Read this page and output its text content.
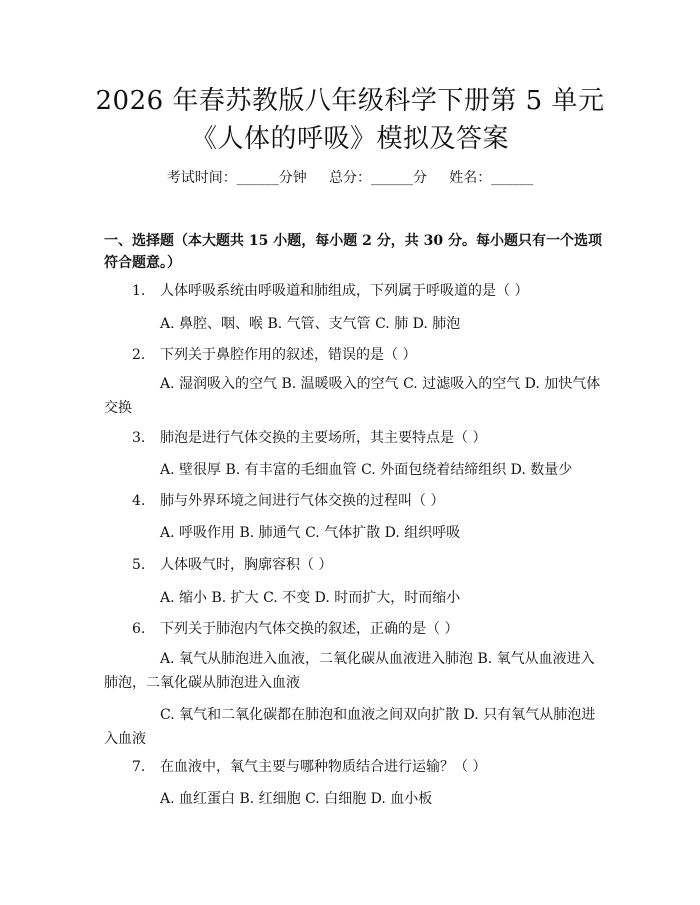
2026 年春苏教版八年级科学下册第 5 单元
《人体的呼吸》模拟及答案
考试时间：______分钟     总分：______分     姓名：______
一、选择题（本大题共 15 小题，每小题 2 分，共 30 分。每小题只有一个选项符合题意。）
1. 人体呼吸系统由呼吸道和肺组成，下列属于呼吸道的是（ ）
A. 鼻腔、咽、喉 B. 气管、支气管 C. 肺 D. 肺泡
2. 下列关于鼻腔作用的叙述，错误的是（ ）
A. 湿润吸入的空气 B. 温暖吸入的空气 C. 过滤吸入的空气 D. 加快气体交换
3. 肺泡是进行气体交换的主要场所，其主要特点是（ ）
A. 壁很厚 B. 有丰富的毛细血管 C. 外面包绕着结缔组织 D. 数量少
4. 肺与外界环境之间进行气体交换的过程叫（ ）
A. 呼吸作用 B. 肺通气 C. 气体扩散 D. 组织呼吸
5. 人体吸气时，胸廓容积（ ）
A. 缩小 B. 扩大 C. 不变 D. 时而扩大，时而缩小
6. 下列关于肺泡内气体交换的叙述，正确的是（ ）
A. 氧气从肺泡进入血液，二氧化碳从血液进入肺泡 B. 氧气从血液进入肺泡，二氧化碳从肺泡进入血液
C. 氧气和二氧化碳都在肺泡和血液之间双向扩散 D. 只有氧气从肺泡进入血液
7. 在血液中，氧气主要与哪种物质结合进行运输？（ ）
A. 血红蛋白 B. 红细胞 C. 白细胞 D. 血小板
